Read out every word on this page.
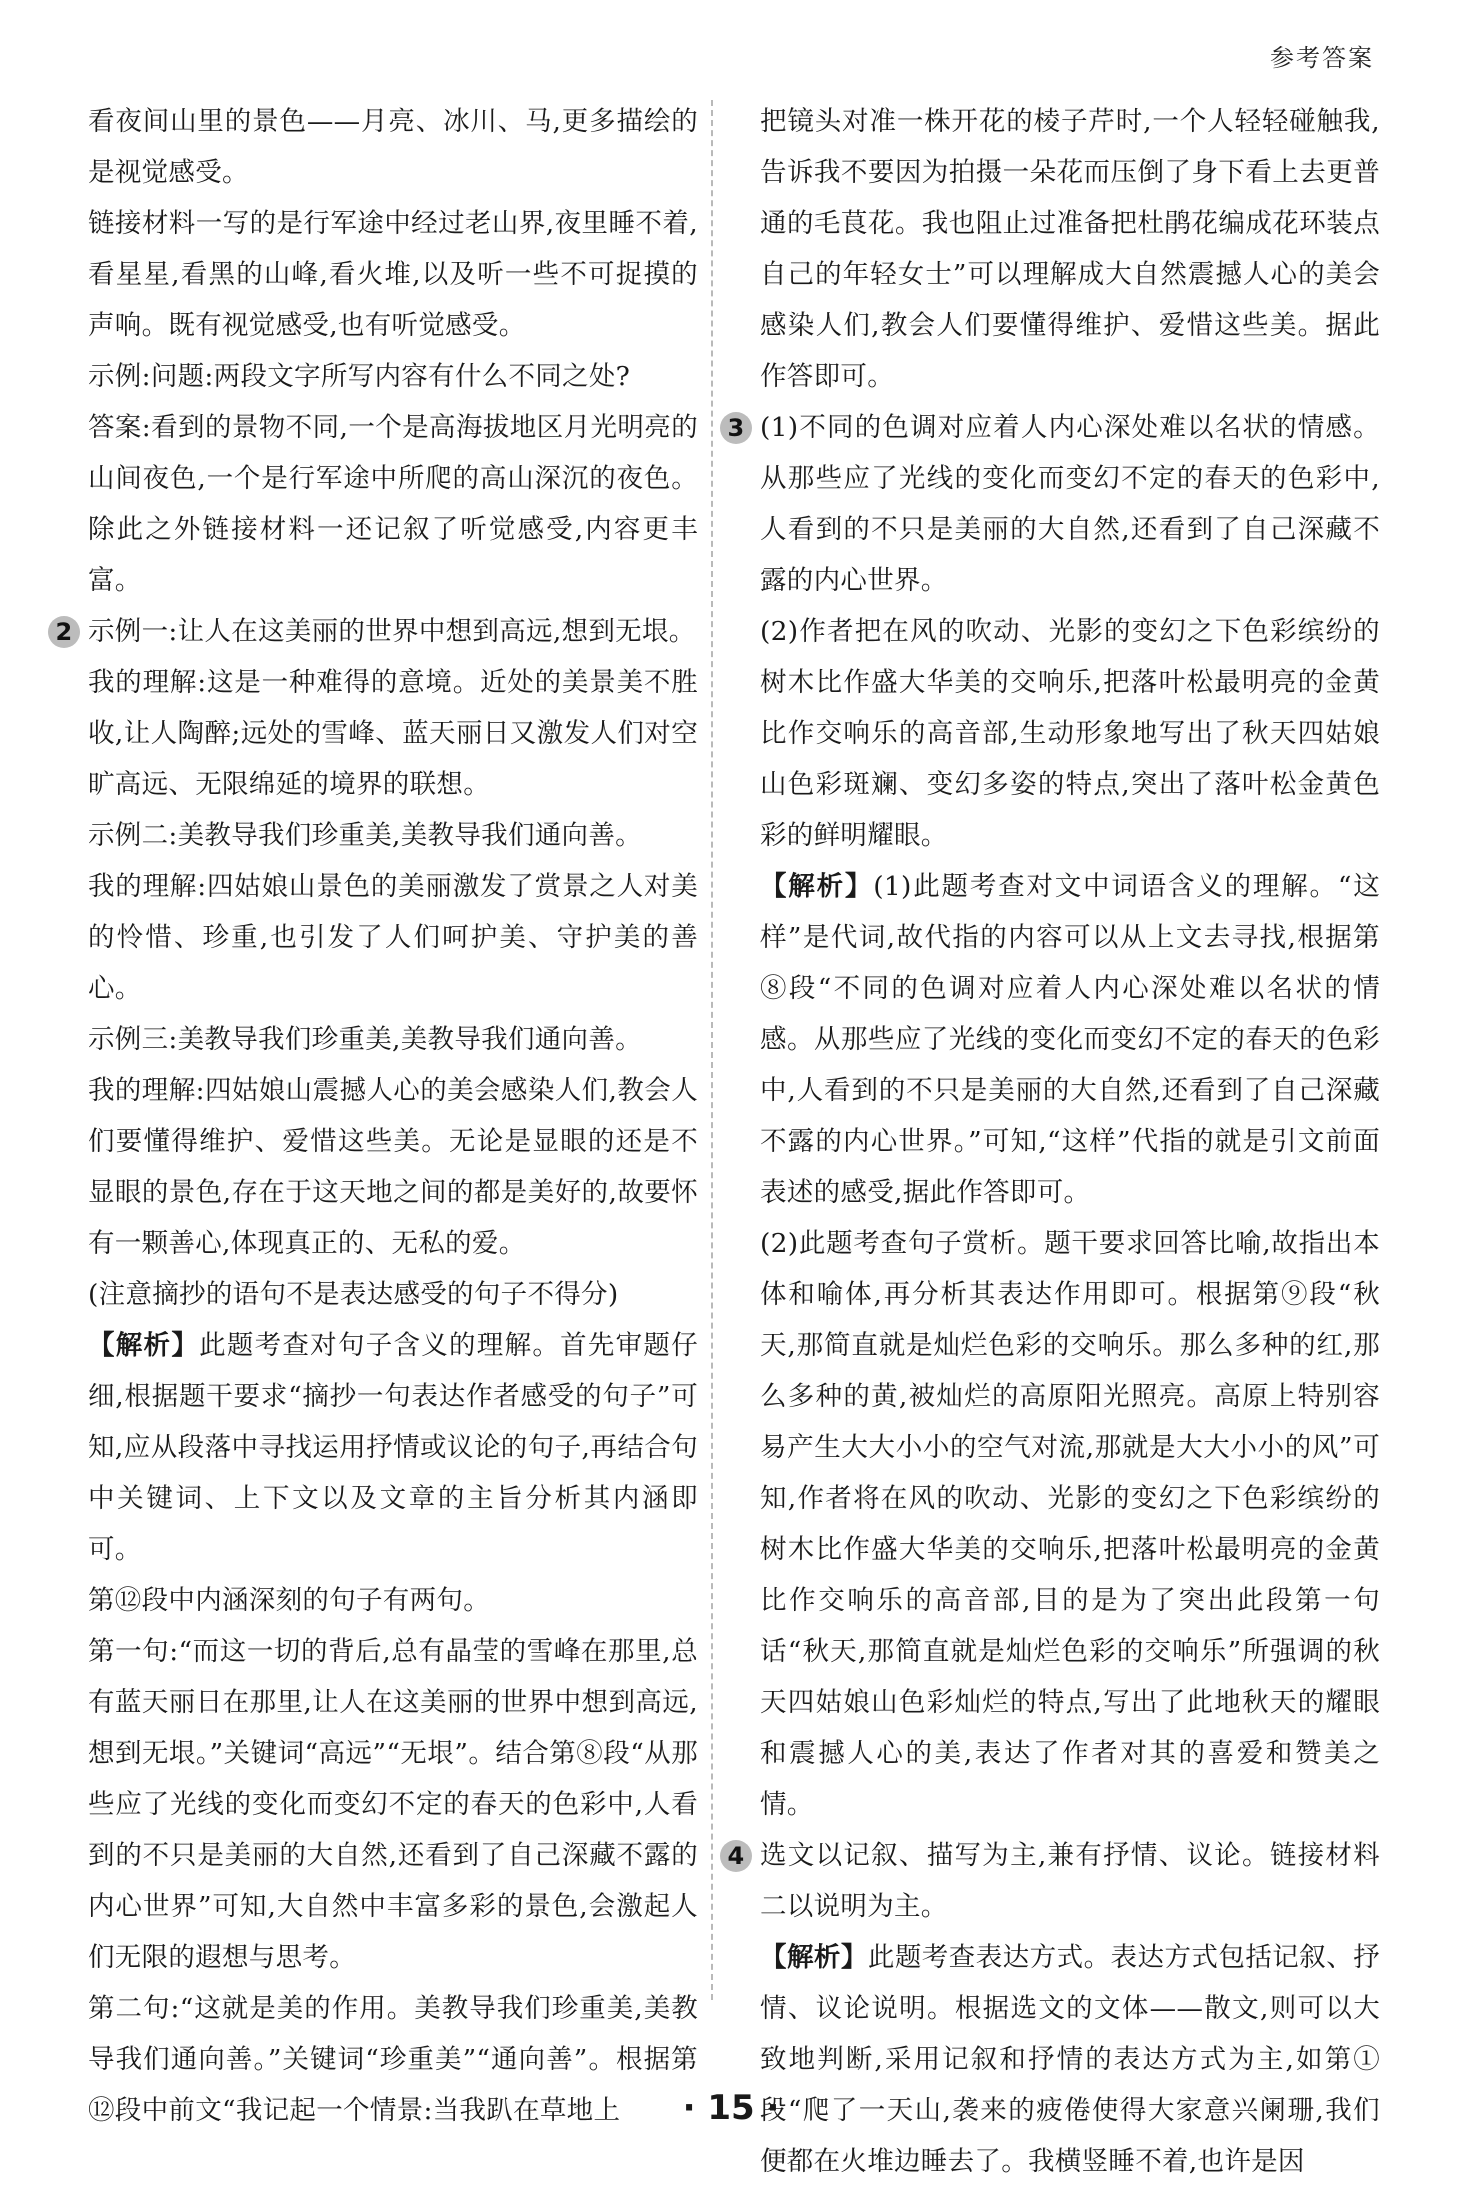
参考答案

看夜间山里的景色——月亮、冰川、马,更多描绘的是视觉感受。

链接材料一写的是行军途中经过老山界,夜里睡不着,看星星,看黑的山峰,看火堆,以及听一些不可捉摸的声响。既有视觉感受,也有听觉感受。

示例:问题:两段文字所写内容有什么不同之处?

答案:看到的景物不同,一个是高海拔地区月光明亮的山间夜色,一个是行军途中所爬的高山深沉的夜色。除此之外链接材料一还记叙了听觉感受,内容更丰富。

2 示例一:让人在这美丽的世界中想到高远,想到无垠。

我的理解:这是一种难得的意境。近处的美景美不胜收,让人陶醉;远处的雪峰、蓝天丽日又激发人们对空旷高远、无限绵延的境界的联想。

示例二:美教导我们珍重美,美教导我们通向善。

我的理解:四姑娘山景色的美丽激发了赏景之人对美的怜惜、珍重,也引发了人们呵护美、守护美的善心。

示例三:美教导我们珍重美,美教导我们通向善。

我的理解:四姑娘山震撼人心的美会感染人们,教会人们要懂得维护、爱惜这些美。无论是显眼的还是不显眼的景色,存在于这天地之间的都是美好的,故要怀有一颗善心,体现真正的、无私的爱。

(注意摘抄的语句不是表达感受的句子不得分)

【解析】此题考查对句子含义的理解。首先审题仔细,根据题干要求“摘抄一句表达作者感受的句子”可知,应从段落中寻找运用抒情或议论的句子,再结合句中关键词、上下文以及文章的主旨分析其内涵即可。

第⑫段中内涵深刻的句子有两句。

第一句:“而这一切的背后,总有晶莹的雪峰在那里,总有蓝天丽日在那里,让人在这美丽的世界中想到高远,想到无垠。”关键词“高远”“无垠”。结合第⑧段“从那些应了光线的变化而变幻不定的春天的色彩中,人看到的不只是美丽的大自然,还看到了自己深藏不露的内心世界”可知,大自然中丰富多彩的景色,会激起人们无限的遐想与思考。

第二句:“这就是美的作用。美教导我们珍重美,美教导我们通向善。”关键词“珍重美”“通向善”。根据第⑫段中前文“我记起一个情景:当我趴在草地上

把镜头对准一株开花的棱子芹时,一个人轻轻碰触我,告诉我不要因为拍摄一朵花而压倒了身下看上去更普通的毛茛花。我也阻止过准备把杜鹃花编成花环装点自己的年轻女士”可以理解成大自然震撼人心的美会感染人们,教会人们要懂得维护、爱惜这些美。据此作答即可。

3 (1)不同的色调对应着人内心深处难以名状的情感。从那些应了光线的变化而变幻不定的春天的色彩中,人看到的不只是美丽的大自然,还看到了自己深藏不露的内心世界。

(2)作者把在风的吹动、光影的变幻之下色彩缤纷的树木比作盛大华美的交响乐,把落叶松最明亮的金黄比作交响乐的高音部,生动形象地写出了秋天四姑娘山色彩斑斓、变幻多姿的特点,突出了落叶松金黄色彩的鲜明耀眼。

【解析】(1)此题考查对文中词语含义的理解。“这样”是代词,故代指的内容可以从上文去寻找,根据第⑧段“不同的色调对应着人内心深处难以名状的情感。从那些应了光线的变化而变幻不定的春天的色彩中,人看到的不只是美丽的大自然,还看到了自己深藏不露的内心世界。”可知,“这样”代指的就是引文前面表述的感受,据此作答即可。

(2)此题考查句子赏析。题干要求回答比喻,故指出本体和喻体,再分析其表达作用即可。根据第⑨段“秋天,那简直就是灿烂色彩的交响乐。那么多种的红,那么多种的黄,被灿烂的高原阳光照亮。高原上特别容易产生大大小小的空气对流,那就是大大小小的风”可知,作者将在风的吹动、光影的变幻之下色彩缤纷的树木比作盛大华美的交响乐,把落叶松最明亮的金黄比作交响乐的高音部,目的是为了突出此段第一句话“秋天,那简直就是灿烂色彩的交响乐”所强调的秋天四姑娘山色彩灿烂的特点,写出了此地秋天的耀眼和震撼人心的美,表达了作者对其的喜爱和赞美之情。

4 选文以记叙、描写为主,兼有抒情、议论。链接材料二以说明为主。

【解析】此题考查表达方式。表达方式包括记叙、抒情、议论说明。根据选文的文体——散文,则可以大致地判断,采用记叙和抒情的表达方式为主,如第①段“爬了一天山,袭来的疲倦使得大家意兴阑珊,我们便都在火堆边睡去了。我横竖睡不着,也许是因

· 15 ·
